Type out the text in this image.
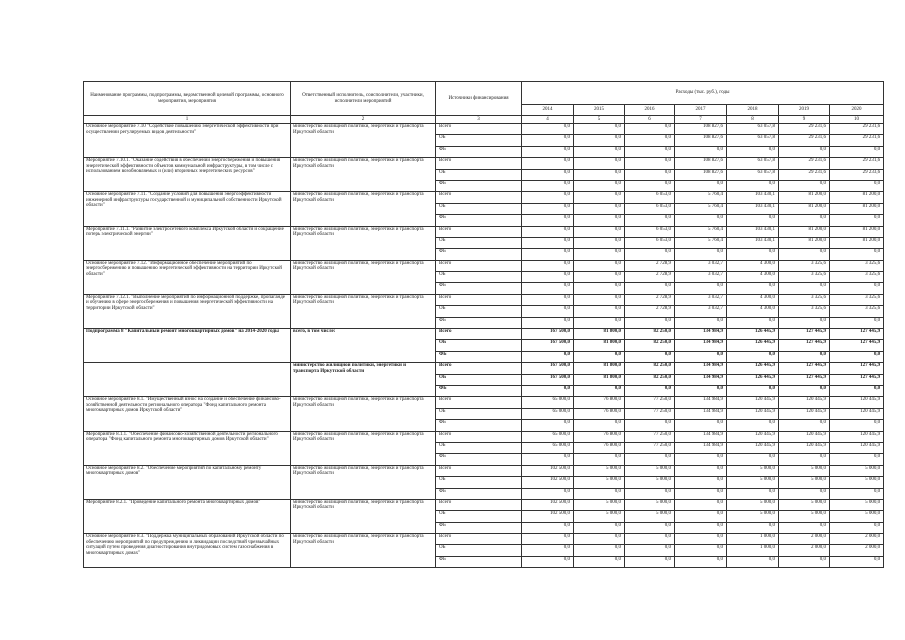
Наименование программы, подпрограммы, ведомственной целевой программы, основного мероприятия, мероприятия	Ответственный исполнитель, соисполнители, участники, исполнители мероприятий	Источники финансирования	Расходы (тыс. руб.), годы						
			2014	2015	2016	2017	2018	2019	2020
1	2	3	4	5	6	7	8	9	10
Основное мероприятие 7.10 "Содействие повышению энергетической эффективности при осуществлении регулируемых видов деятельности"	министерство жилищной политики, энергетики и транспорта Иркутской области	Всего	0,0	0,0	0,0	108 827,6	63 057,8	29 231,6	29 231,6
		ОБ	0,0	0,0	0,0	108 827,6	63 057,8	29 231,6	29 231,6
		ФБ	0,0	0,0	0,0	0,0	0,0	0,0	0,0
Мероприятие 7.10.1. "Оказание содействия в обеспечении энергосбережения и повышения энергетической эффективности объектов коммунальной инфраструктуры, в том числе с использованием возобновляемых и (или) вторичных энергетических ресурсов"	министерство жилищной политики, энергетики и транспорта Иркутской области	Всего	0,0	0,0	0,0	108 827,6	63 057,8	29 231,6	29 231,6
		ОБ	0,0	0,0	0,0	108 827,6	63 057,8	29 231,6	29 233,6
		ФБ	0,0	0,0	0,0	0,0	0,0	0,0	0,0
Основное мероприятие 7.11. "Создание условий для повышения энергоэффективности инженерной инфраструктуры государственной и муниципальной собственности Иркутской области"	министерство жилищной политики, энергетики и транспорта Иркутской области	Всего	0,0	0,0	6 053,0	5 760,4	103 430,1	81 200,0	81 200,0
		ОБ	0,0	0,0	6 053,0	5 760,4	103 430,1	81 200,0	81 200,0
		ФБ	0,0	0,0	0,0	0,0	0,0	0,0	0,0
Мероприятие 7.11.1. "Развитие электросетевого комплекса Иркутской области и сокращение потерь электрической энергии"	министерство жилищной политики, энергетики и транспорта Иркутской области	Всего	0,0	0,0	6 053,0	5 760,4	103 430,1	81 200,0	81 200,0
		ОБ	0,0	0,0	6 053,0	5 760,4	103 430,1	81 200,0	81 200,0
		ФБ	0,0	0,0	0,0	0,0	0,0	0,0	0,0
Основное мероприятие 7.12. "Информационное обеспечение мероприятий по энергосбережению и повышению энергетической эффективности на территории Иркутской области"	министерство жилищной политики, энергетики и транспорта Иркутской области	Всего	0,0	0,0	2 728,9	3 032,7	4 300,0	3 325,6	3 325,6
		ОБ	0,0	0,0	2 728,9	3 032,7	4 300,0	3 325,6	3 325,6
		ФБ	0,0	0,0	0,0	0,0	0,0	0,0	0,0
Мероприятие 7.12.1. "Выполнение мероприятий по информационной поддержке, пропаганде и обучению в сфере энергосбережения и повышения энергетической эффективности на территории Иркутской области"	министерство жилищной политики, энергетики и транспорта Иркутской области	Всего	0,0	0,0	2 728,9	3 032,7	4 300,0	3 325,6	3 325,6
		ОБ	0,0	0,0	2 728,9	3 032,7	4 300,0	3 325,6	3 325,6
		ФБ	0,0	0,0	0,0	0,0	0,0	0,0	0,0
Подпрограмма 8 "Капитальный ремонт многоквартирных домов" на 2014-2020 годы	всего, в том числе:	Всего	167 500,0	81 800,0	82 250,0	134 984,9	126 445,9	127 445,9	127 445,9
		ОБ	167 500,0	81 800,0	82 250,0	134 984,9	126 445,9	127 445,9	127 445,9
		ФБ	0,0	0,0	0,0	0,0	0,0	0,0	0,0
	министерство жилищной политики, энергетики и транспорта Иркутской области	Всего	167 500,0	81 800,0	82 250,0	134 984,9	126 445,9	127 445,9	127 445,9
		ОБ	167 500,0	81 800,0	82 250,0	134 984,9	126 445,9	127 445,9	127 445,9
		ФБ	0,0	0,0	0,0	0,0	0,0	0,0	0,0
Основное мероприятие 8.1. "Имущественный взнос на создание и обеспечение финансово-хозяйственной деятельности регионального оператора "Фонд капитального ремонта многоквартирных домов Иркутской области"	министерство жилищной политики, энергетики и транспорта Иркутской области	Всего	65 000,0	76 800,0	77 250,0	134 984,9	120 445,9	120 445,9	120 445,9
		ОБ	65 000,0	76 800,0	77 250,0	134 984,9	120 445,9	120 445,9	120 445,9
		ФБ	0,0	0,0	0,0	0,0	0,0	0,0	0,0
Мероприятие 8.1.1. "Обеспечение финансово-хозяйственной деятельности регионального оператора "Фонд капитального ремонта многоквартирных домов Иркутской области"	министерство жилищной политики, энергетики и транспорта Иркутской области	Всего	65 000,0	76 800,0	77 250,0	134 984,9	120 445,9	120 445,9	120 445,9
		ОБ	65 000,0	76 800,0	77 250,0	134 984,9	120 445,9	120 445,9	120 445,9
		ФБ	0,0	0,0	0,0	0,0	0,0	0,0	0,0
Основное мероприятие 8.2. "Обеспечение мероприятий по капитальному ремонту многоквартирных домов"	министерство жилищной политики, энергетики и транспорта Иркутской области	Всего	102 500,0	5 000,0	5 000,0	0,0	5 000,0	5 000,0	5 000,0
		ОБ	102 500,0	5 000,0	5 000,0	0,0	5 000,0	5 000,0	5 000,0
		ФБ	0,0	0,0	0,0	0,0	0,0	0,0	0,0
Мероприятие 8.2.1. "Проведение капитального ремонта многоквартирных домов"	министерство жилищной политики, энергетики и транспорта Иркутской области	Всего	102 500,0	5 000,0	5 000,0	0,0	5 000,0	5 000,0	5 000,0
		ОБ	102 500,0	5 000,0	5 000,0	0,0	5 000,0	5 000,0	5 000,0
		ФБ	0,0	0,0	0,0	0,0	0,0	0,0	0,0
Основное мероприятие 8.3. "Поддержка муниципальных образований Иркутской области по обеспечению мероприятий по предупреждению и ликвидации последствий чрезвычайных ситуаций путем проведения диагностирования внутридомовых систем газоснабжения в многоквартирных домах"	министерство жилищной политики, энергетики и транспорта Иркутской области	Всего	0,0	0,0	0,0	0,0	1 000,0	2 000,0	2 000,0
		ОБ	0,0	0,0	0,0	0,0	1 000,0	2 000,0	2 000,0
		ФБ	0,0	0,0	0,0	0,0	0,0	0,0	0,0
